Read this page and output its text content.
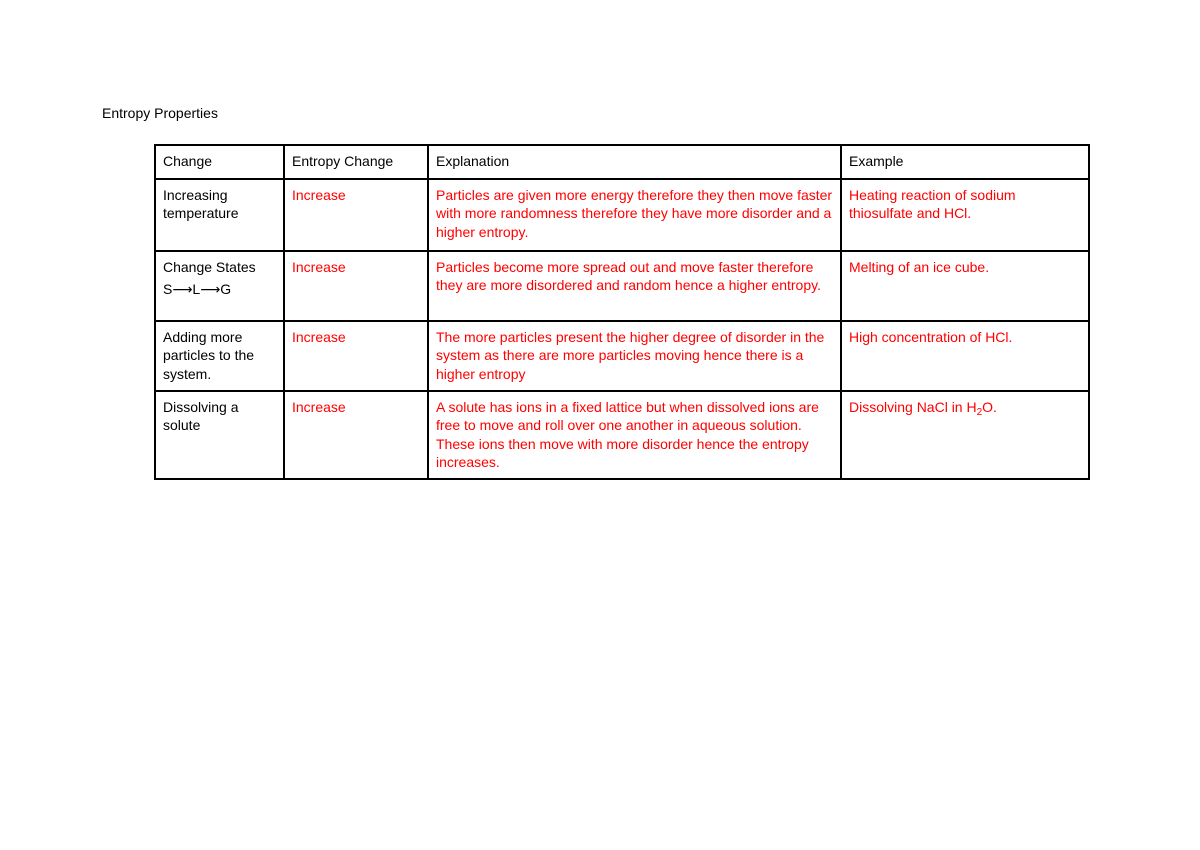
Entropy Properties
Change	Entropy Change	Explanation	Example
Increasing temperature	Increase	Particles are given more energy therefore they then move faster with more randomness therefore they have more disorder and a higher entropy.	Heating reaction of sodium thiosulfate and HCl.
Change States
S⟶L⟶G	Increase	Particles become more spread out and move faster therefore they are more disordered and random hence a higher entropy.	Melting of an ice cube.
Adding more particles to the system.	Increase	The more particles present the higher degree of disorder in the system as there are more particles moving hence there is a higher entropy	High concentration of HCl.
Dissolving a solute	Increase	A solute has ions in a fixed lattice but when dissolved ions are free to move and roll over one another in aqueous solution. These ions then move with more disorder hence the entropy increases.	Dissolving NaCl in $H_2O$.
